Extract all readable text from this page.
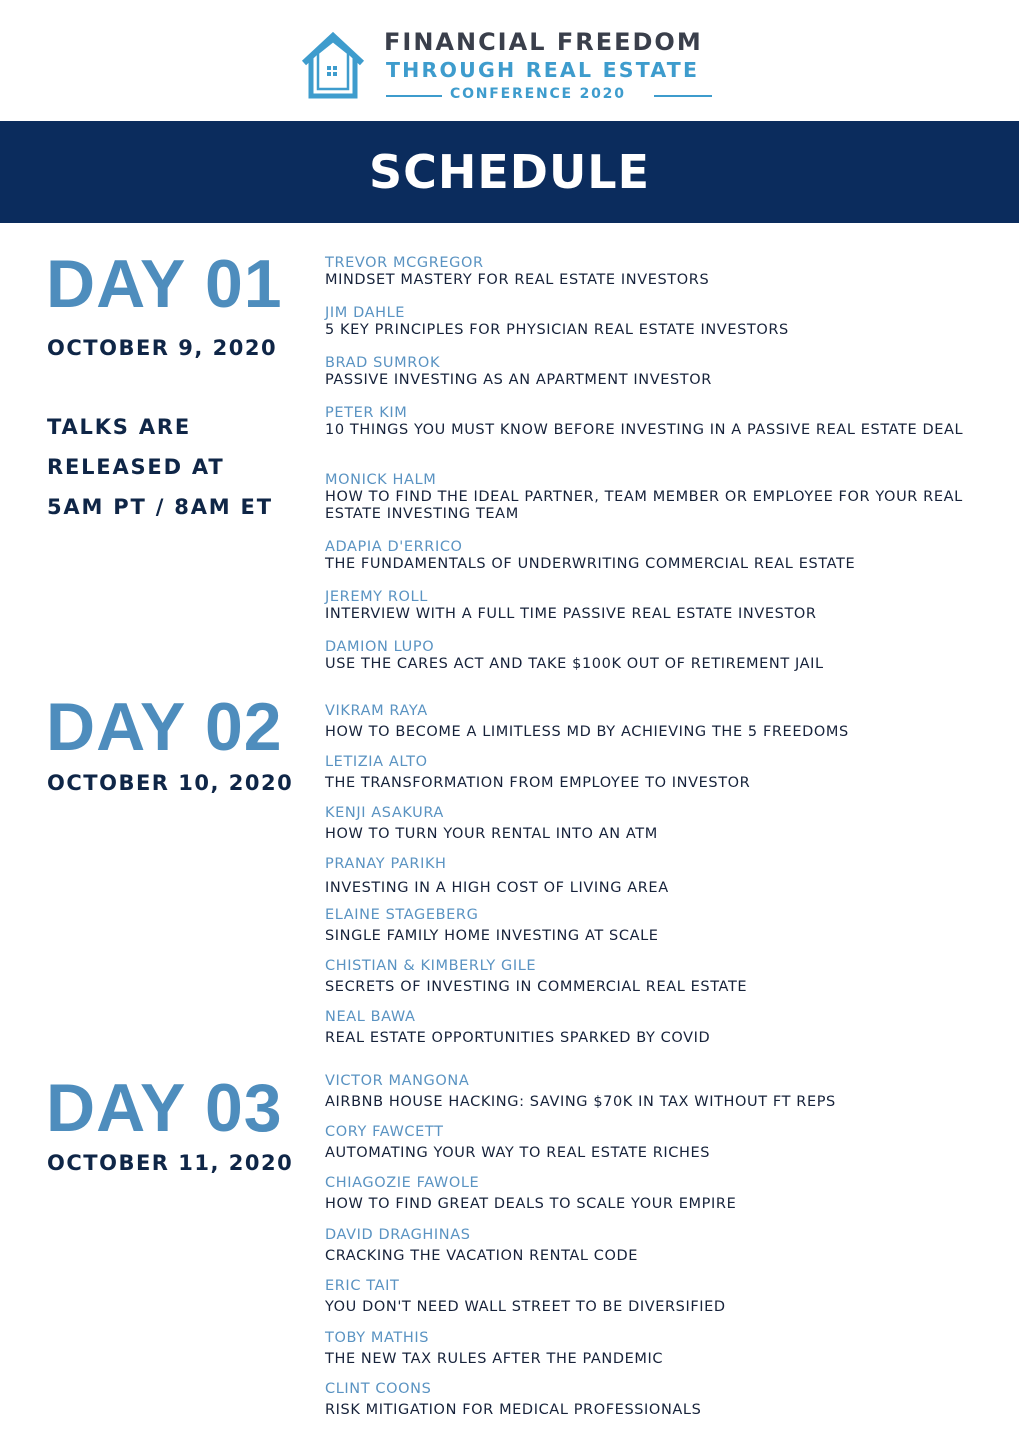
FINANCIAL FREEDOM
THROUGH REAL ESTATE
CONFERENCE 2020
SCHEDULE
DAY 01
OCTOBER 9, 2020
TALKS ARE
RELEASED AT
5AM PT / 8AM ET
TREVOR MCGREGOR
MINDSET MASTERY FOR REAL ESTATE INVESTORS
JIM DAHLE
5 KEY PRINCIPLES FOR PHYSICIAN REAL ESTATE INVESTORS
BRAD SUMROK
PASSIVE INVESTING AS AN APARTMENT INVESTOR
PETER KIM
10 THINGS YOU MUST KNOW BEFORE INVESTING IN A PASSIVE REAL ESTATE DEAL
MONICK HALM
HOW TO FIND THE IDEAL PARTNER, TEAM MEMBER OR EMPLOYEE FOR YOUR REAL ESTATE INVESTING TEAM
ADAPIA D'ERRICO
THE FUNDAMENTALS OF UNDERWRITING COMMERCIAL REAL ESTATE
JEREMY ROLL
INTERVIEW WITH A FULL TIME PASSIVE REAL ESTATE INVESTOR
DAMION LUPO
USE THE CARES ACT AND TAKE $100K OUT OF RETIREMENT JAIL
DAY 02
OCTOBER 10, 2020
VIKRAM RAYA
HOW TO BECOME A LIMITLESS MD BY ACHIEVING THE 5 FREEDOMS
LETIZIA ALTO
THE TRANSFORMATION FROM EMPLOYEE TO INVESTOR
KENJI ASAKURA
HOW TO TURN YOUR RENTAL INTO AN ATM
PRANAY PARIKH
INVESTING IN A HIGH COST OF LIVING AREA
ELAINE STAGEBERG
SINGLE FAMILY HOME INVESTING AT SCALE
CHISTIAN & KIMBERLY GILE
SECRETS OF INVESTING IN COMMERCIAL REAL ESTATE
NEAL BAWA
REAL ESTATE OPPORTUNITIES SPARKED BY COVID
DAY 03
OCTOBER 11, 2020
VICTOR MANGONA
AIRBNB HOUSE HACKING: SAVING $70K IN TAX WITHOUT FT REPS
CORY FAWCETT
AUTOMATING YOUR WAY TO REAL ESTATE RICHES
CHIAGOZIE FAWOLE
HOW TO FIND GREAT DEALS TO SCALE YOUR EMPIRE
DAVID DRAGHINAS
CRACKING THE VACATION RENTAL CODE
ERIC TAIT
YOU DON'T NEED WALL STREET TO BE DIVERSIFIED
TOBY MATHIS
THE NEW TAX RULES AFTER THE PANDEMIC
CLINT COONS
RISK MITIGATION FOR MEDICAL PROFESSIONALS
